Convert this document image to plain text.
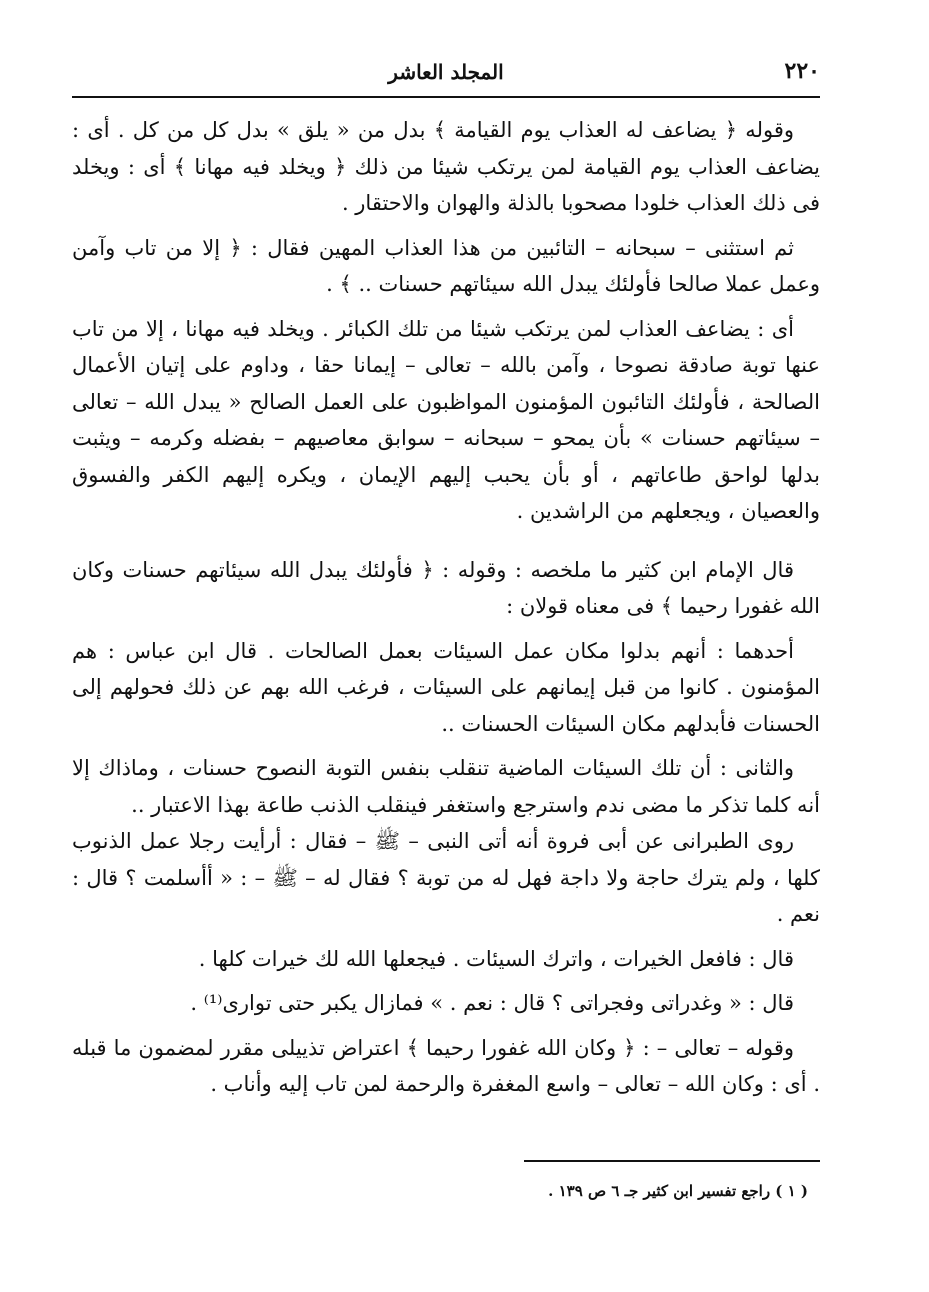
٢٢٠
المجلد العاشر

وقوله ﴿ يضاعف له العذاب يوم القيامة ﴾ بدل من « يلق » بدل كل من كل . أى : يضاعف العذاب يوم القيامة لمن يرتكب شيئا من ذلك ﴿ ويخلد فيه مهانا ﴾ أى : ويخلد فى ذلك العذاب خلودا مصحوبا بالذلة والهوان والاحتقار .

ثم استثنى – سبحانه – التائبين من هذا العذاب المهين فقال : ﴿ إلا من تاب وآمن وعمل عملا صالحا فأولئك يبدل الله سيئاتهم حسنات .. ﴾ .

أى : يضاعف العذاب لمن يرتكب شيئا من تلك الكبائر . ويخلد فيه مهانا ، إلا من تاب عنها توبة صادقة نصوحا ، وآمن بالله – تعالى – إيمانا حقا ، وداوم على إتيان الأعمال الصالحة ، فأولئك التائبون المؤمنون المواظبون على العمل الصالح « يبدل الله – تعالى – سيئاتهم حسنات » بأن يمحو – سبحانه – سوابق معاصيهم – بفضله وكرمه – ويثبت بدلها لواحق طاعاتهم ، أو بأن يحبب إليهم الإيمان ، ويكره إليهم الكفر والفسوق والعصيان ، ويجعلهم من الراشدين .

قال الإمام ابن كثير ما ملخصه : وقوله : ﴿ فأولئك يبدل الله سيئاتهم حسنات وكان الله غفورا رحيما ﴾ فى معناه قولان :

أحدهما : أنهم بدلوا مكان عمل السيئات بعمل الصالحات . قال ابن عباس : هم المؤمنون . كانوا من قبل إيمانهم على السيئات ، فرغب الله بهم عن ذلك فحولهم إلى الحسنات فأبدلهم مكان السيئات الحسنات ..

والثانى : أن تلك السيئات الماضية تنقلب بنفس التوبة النصوح حسنات ، وماذاك إلا أنه كلما تذكر ما مضى ندم واسترجع واستغفر فينقلب الذنب طاعة بهذا الاعتبار ..

روى الطبرانى عن أبى فروة أنه أتى النبى – ﷺ – فقال : أرأيت رجلا عمل الذنوب كلها ، ولم يترك حاجة ولا داجة فهل له من توبة ؟ فقال له – ﷺ – : « أأسلمت ؟ قال : نعم .

قال : فافعل الخيرات ، واترك السيئات . فيجعلها الله لك خيرات كلها .

قال : « وغدراتى وفجراتى ؟ قال : نعم . » فمازال يكبر حتى توارى⁽¹⁾ .

وقوله – تعالى – : ﴿ وكان الله غفورا رحيما ﴾ اعتراض تذييلى مقرر لمضمون ما قبله . أى : وكان الله – تعالى – واسع المغفرة والرحمة لمن تاب إليه وأناب .

( ١ ) راجع تفسير ابن كثير جـ ٦ ص ١٣٩ .
